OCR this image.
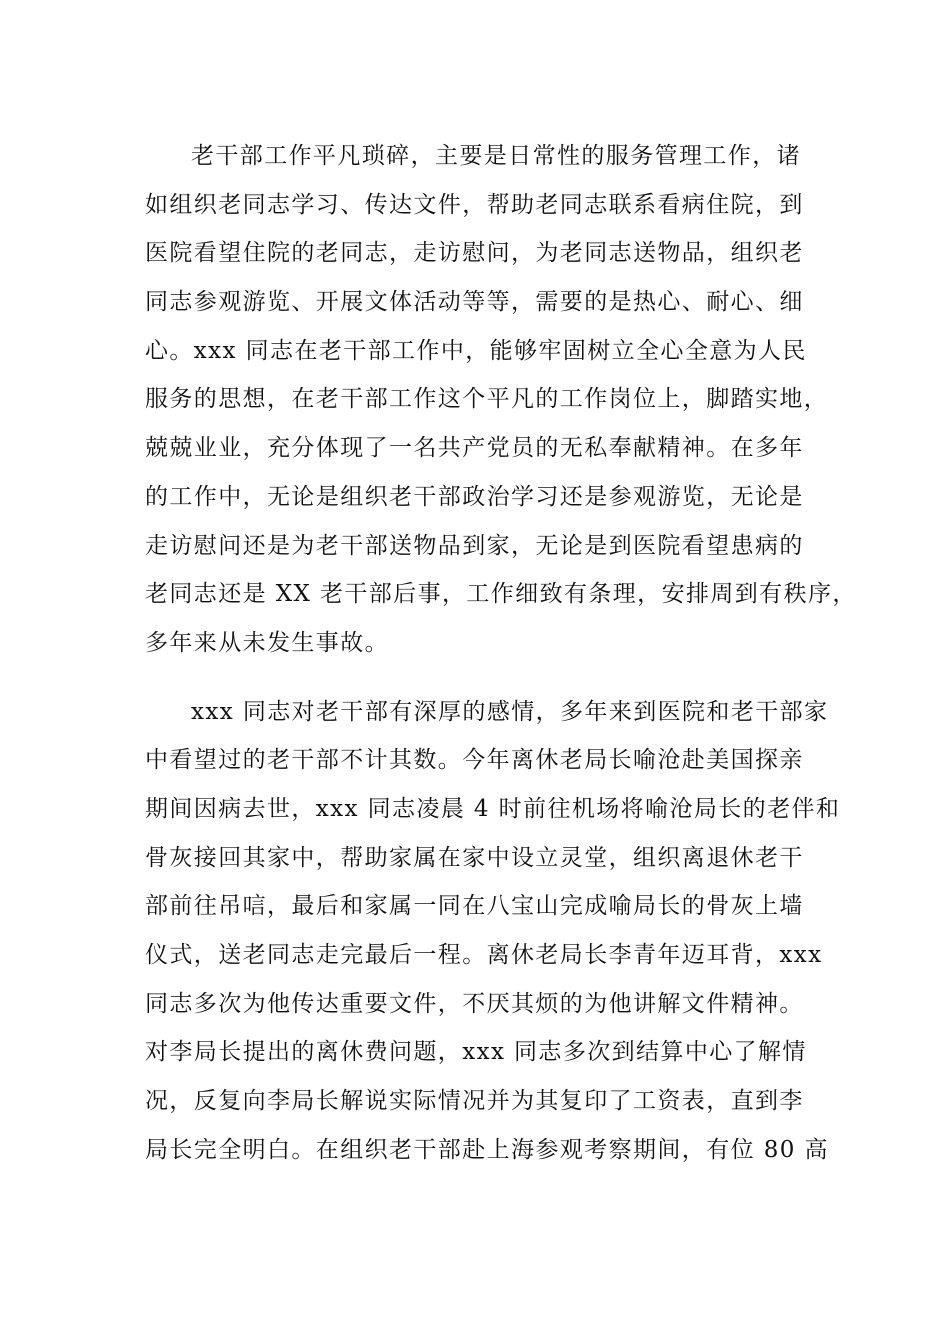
老干部工作平凡琐碎，主要是日常性的服务管理工作，诸
如组织老同志学习、传达文件，帮助老同志联系看病住院，到
医院看望住院的老同志，走访慰问，为老同志送物品，组织老
同志参观游览、开展文体活动等等，需要的是热心、耐心、细
心。xxx 同志在老干部工作中，能够牢固树立全心全意为人民
服务的思想，在老干部工作这个平凡的工作岗位上，脚踏实地，
兢兢业业，充分体现了一名共产党员的无私奉献精神。在多年
的工作中，无论是组织老干部政治学习还是参观游览，无论是
走访慰问还是为老干部送物品到家，无论是到医院看望患病的
老同志还是 XX 老干部后事，工作细致有条理，安排周到有秩序，
多年来从未发生事故。
xxx 同志对老干部有深厚的感情，多年来到医院和老干部家
中看望过的老干部不计其数。今年离休老局长喻沧赴美国探亲
期间因病去世，xxx 同志凌晨 4 时前往机场将喻沧局长的老伴和
骨灰接回其家中，帮助家属在家中设立灵堂，组织离退休老干
部前往吊唁，最后和家属一同在八宝山完成喻局长的骨灰上墙
仪式，送老同志走完最后一程。离休老局长李青年迈耳背，xxx
同志多次为他传达重要文件，不厌其烦的为他讲解文件精神。
对李局长提出的离休费问题，xxx 同志多次到结算中心了解情
况，反复向李局长解说实际情况并为其复印了工资表，直到李
局长完全明白。在组织老干部赴上海参观考察期间，有位 80 高
